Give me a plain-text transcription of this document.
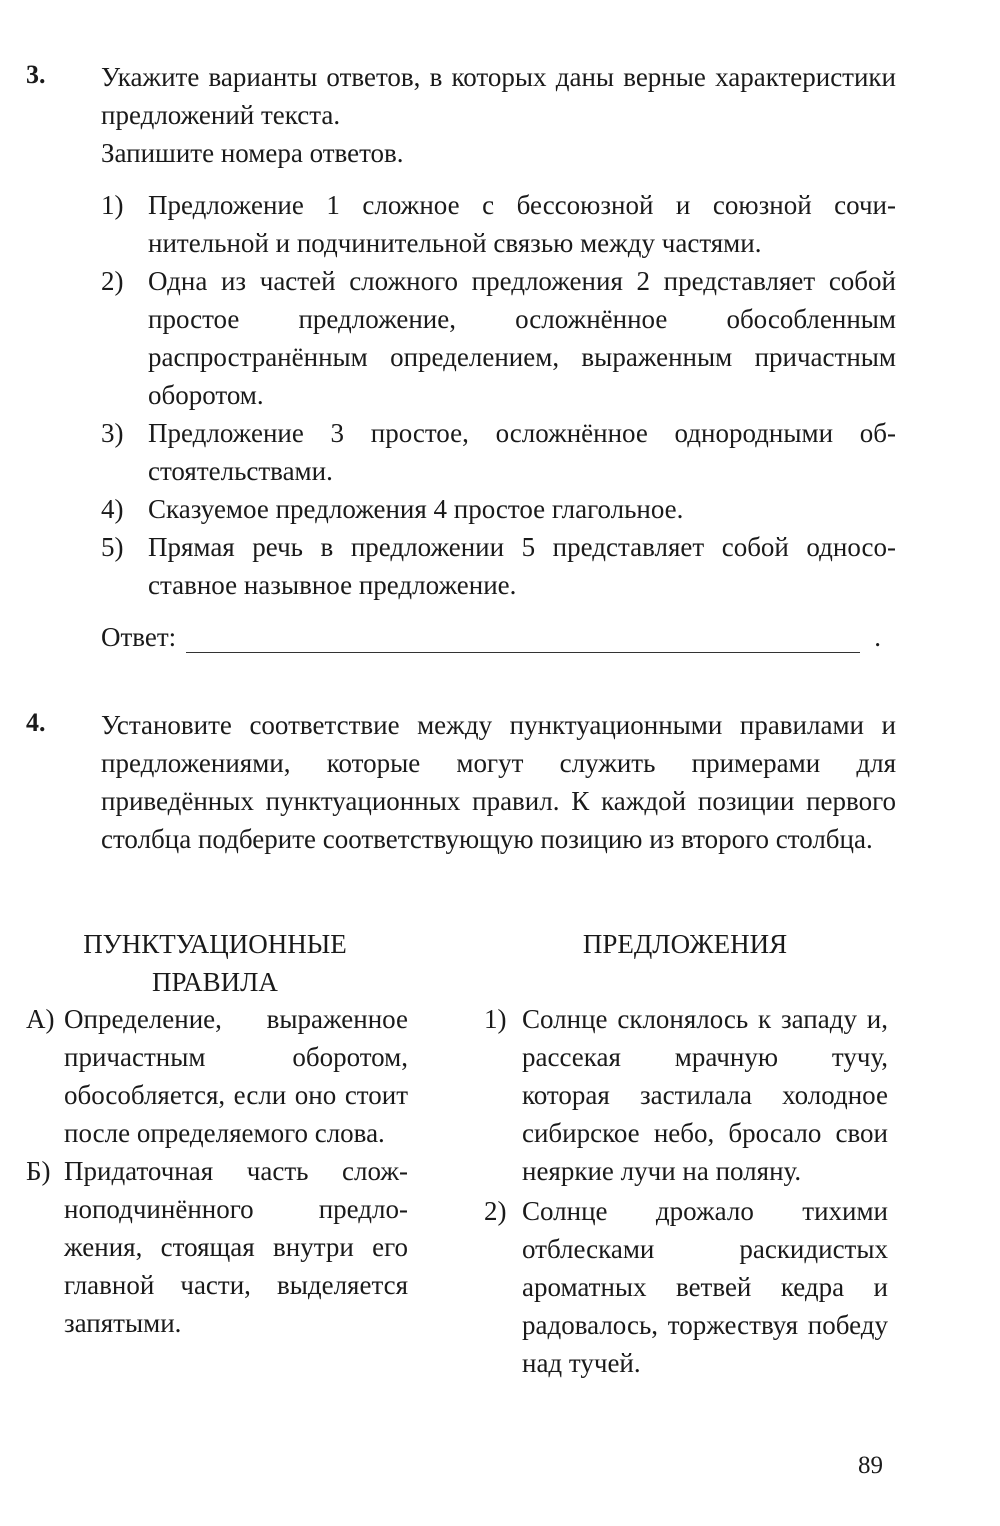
3. Укажите варианты ответов, в которых даны верные характеристики предложений текста.
Запишите номера ответов.
1) Предложение 1 сложное с бессоюзной и союзной сочинительной и подчинительной связью между частями.
2) Одна из частей сложного предложения 2 представляет собой простое предложение, осложнённое обособленным распространённым определением, выраженным причастным оборотом.
3) Предложение 3 простое, осложнённое однородными обстоятельствами.
4) Сказуемое предложения 4 простое глагольное.
5) Прямая речь в предложении 5 представляет собой односоставное назывное предложение.
Ответ:	.
4. Установите соответствие между пунктуационными правилами и предложениями, которые могут служить примерами для приведённых пунктуационных правил. К каждой позиции первого столбца подберите соответствующую позицию из второго столбца.
ПУНКТУАЦИОННЫЕ ПРАВИЛА
ПРЕДЛОЖЕНИЯ
А) Определение, выраженное причастным оборотом, обособляется, если оно стоит после определяемого слова.
Б) Придаточная часть сложноподчинённого предложения, стоящая внутри его главной части, выделяется запятыми.
1) Солнце склонялось к западу и, рассекая мрачную тучу, которая застилала холодное сибирское небо, бросало свои неяркие лучи на поляну.
2) Солнце дрожало тихими отблесками раскидистых ароматных ветвей кедра и радовалось, торжествуя победу над тучей.
89
